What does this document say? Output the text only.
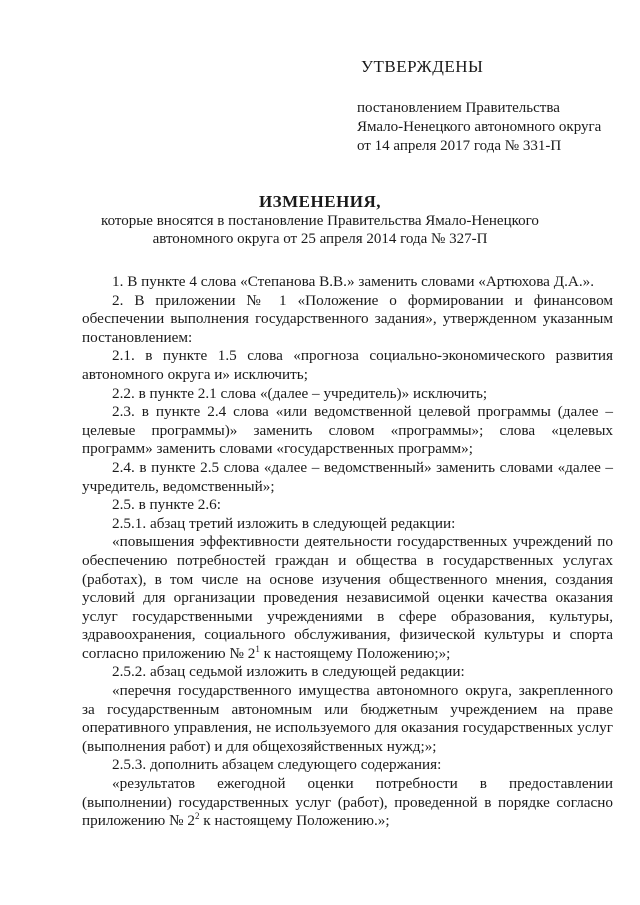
УТВЕРЖДЕНЫ

постановлением Правительства

Ямало-Ненецкого автономного округа

от 14 апреля 2017 года № 331-П

ИЗМЕНЕНИЯ,
которые вносятся в постановление Правительства Ямало-Ненецкого
автономного округа от 25 апреля 2014 года № 327-П

1. В пункте 4 слова «Степанова В.В.» заменить словами «Артюхова Д.А.».

2. В приложении № 1 «Положение о формировании и финансовом обеспечении выполнения государственного задания», утвержденном указанным постановлением:

2.1. в пункте 1.5 слова «прогноза социально-экономического развития автономного округа и» исключить;

2.2. в пункте 2.1 слова «(далее – учредитель)» исключить;

2.3. в пункте 2.4 слова «или ведомственной целевой программы (далее – целевые программы)» заменить словом «программы»; слова «целевых программ» заменить словами «государственных программ»;

2.4. в пункте 2.5 слова «далее – ведомственный» заменить словами «далее – учредитель, ведомственный»;

2.5. в пункте 2.6:

2.5.1. абзац третий изложить в следующей редакции:

«повышения эффективности деятельности государственных учреждений по обеспечению потребностей граждан и общества в государственных услугах (работах), в том числе на основе изучения общественного мнения, создания условий для организации проведения независимой оценки качества оказания услуг государственными учреждениями в сфере образования, культуры, здравоохранения, социального обслуживания, физической культуры и спорта согласно приложению № $2^1$ к настоящему Положению;»;

2.5.2. абзац седьмой изложить в следующей редакции:

«перечня государственного имущества автономного округа, закрепленного за государственным автономным или бюджетным учреждением на праве оперативного управления, не используемого для оказания государственных услуг (выполнения работ) и для общехозяйственных нужд;»;

2.5.3. дополнить абзацем следующего содержания:

«результатов ежегодной оценки потребности в предоставлении (выполнении) государственных услуг (работ), проведенной в порядке согласно приложению № $2^2$ к настоящему Положению.»;
